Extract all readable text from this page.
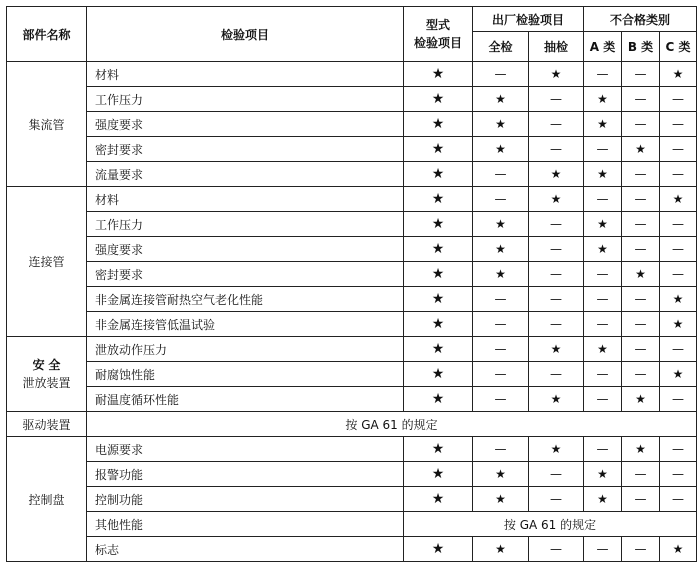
部件名称	检验项目	型式
检验项目	出厂检验项目		不合格类别		
			全检	抽检	A 类	B 类	C 类
集流管	材料	★	—	★	—	—	★
	工作压力	★	★	—	★	—	—
	强度要求	★	★	—	★	—	—
	密封要求	★	★	—	—	★	—
	流量要求	★	—	★	★	—	—
连接管	材料	★	—	★	—	—	★
	工作压力	★	★	—	★	—	—
	强度要求	★	★	—	★	—	—
	密封要求	★	★	—	—	★	—
	非金属连接管耐热空气老化性能	★	—	—	—	—	★
	非金属连接管低温试验	★	—	—	—	—	★

安 全
泄放装置	泄放动作压力	★	—	★	★	—	—
	耐腐蚀性能	★	—	—	—	—	★
	耐温度循环性能	★	—	★	—	★	—
驱动装置	按 GA 61 的规定						
控制盘	电源要求	★	—	★	—	★	—
	报警功能	★	★	—	★	—	—
	控制功能	★	★	—	★	—	—
	其他性能	按 GA 61 的规定					
	标志	★	★	—	—	—	★
